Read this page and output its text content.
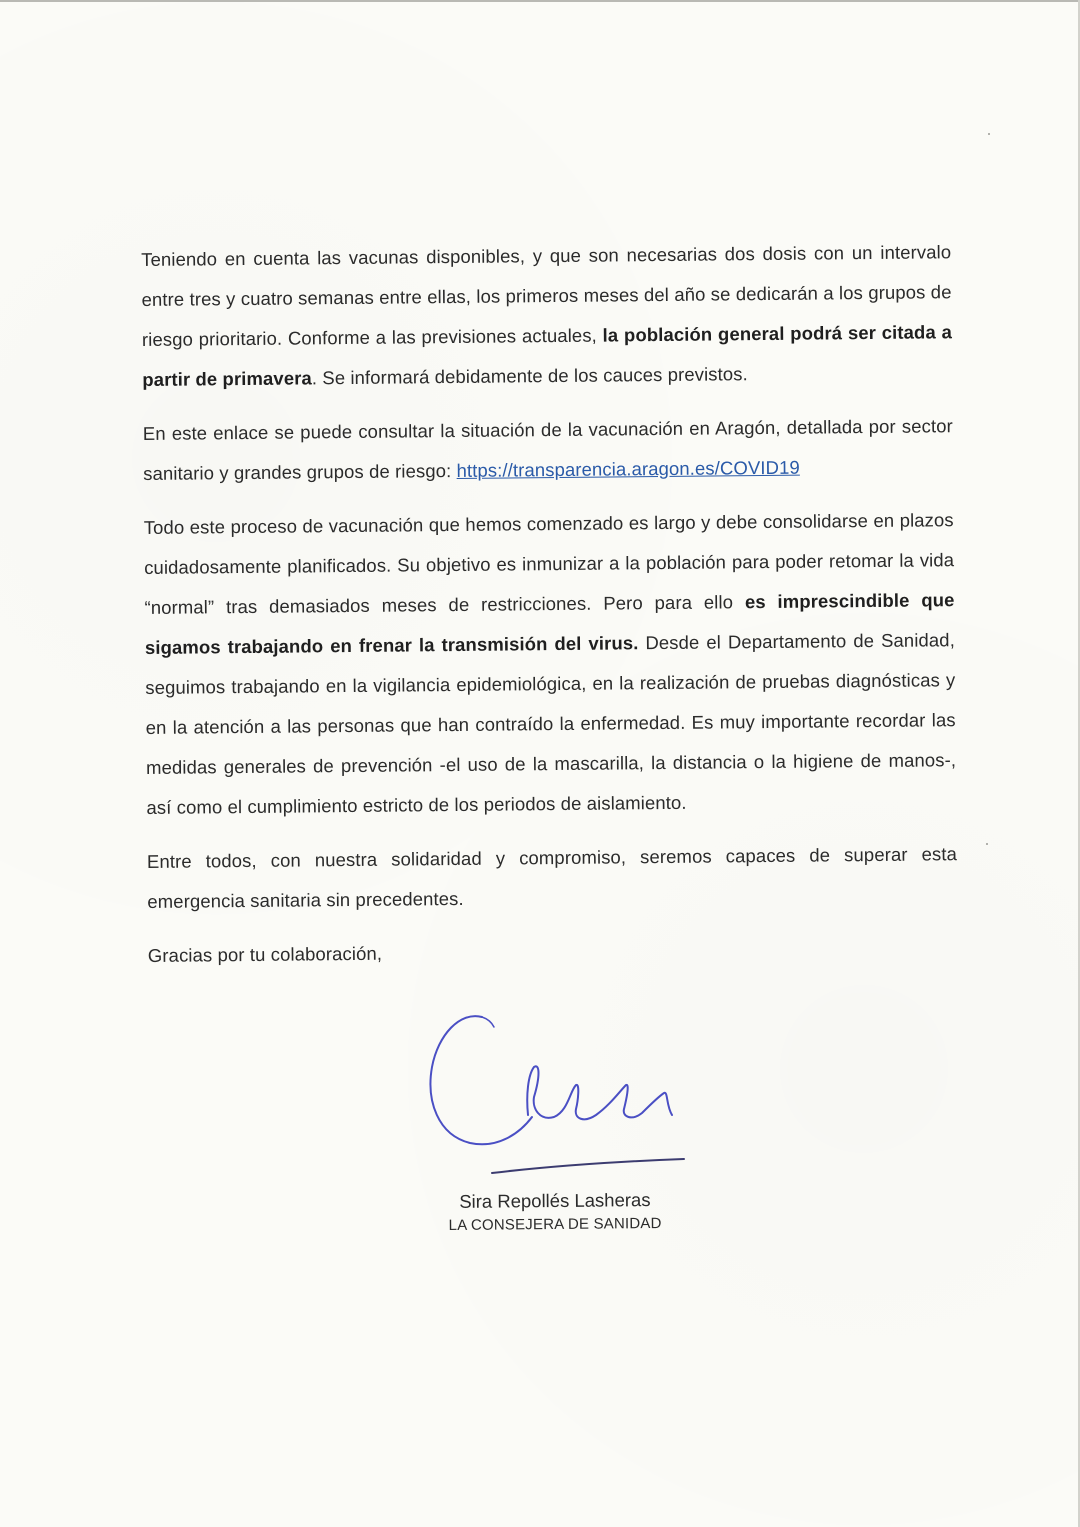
Teniendo en cuenta las vacunas disponibles, y que son necesarias dos dosis con un intervalo entre tres y cuatro semanas entre ellas, los primeros meses del año se dedicarán a los grupos de riesgo prioritario. Conforme a las previsiones actuales, la población general podrá ser citada a partir de primavera. Se informará debidamente de los cauces previstos.

En este enlace se puede consultar la situación de la vacunación en Aragón, detallada por sector sanitario y grandes grupos de riesgo: https://transparencia.aragon.es/COVID19

Todo este proceso de vacunación que hemos comenzado es largo y debe consolidarse en plazos cuidadosamente planificados. Su objetivo es inmunizar a la población para poder retomar la vida “normal” tras demasiados meses de restricciones. Pero para ello es imprescindible que sigamos trabajando en frenar la transmisión del virus. Desde el Departamento de Sanidad, seguimos trabajando en la vigilancia epidemiológica, en la realización de pruebas diagnósticas y en la atención a las personas que han contraído la enfermedad. Es muy importante recordar las medidas generales de prevención -el uso de la mascarilla, la distancia o la higiene de manos-, así como el cumplimiento estricto de los periodos de aislamiento.

Entre todos, con nuestra solidaridad y compromiso, seremos capaces de superar esta emergencia sanitaria sin precedentes.

Gracias por tu colaboración,

Sira Repollés Lasheras
LA CONSEJERA DE SANIDAD
